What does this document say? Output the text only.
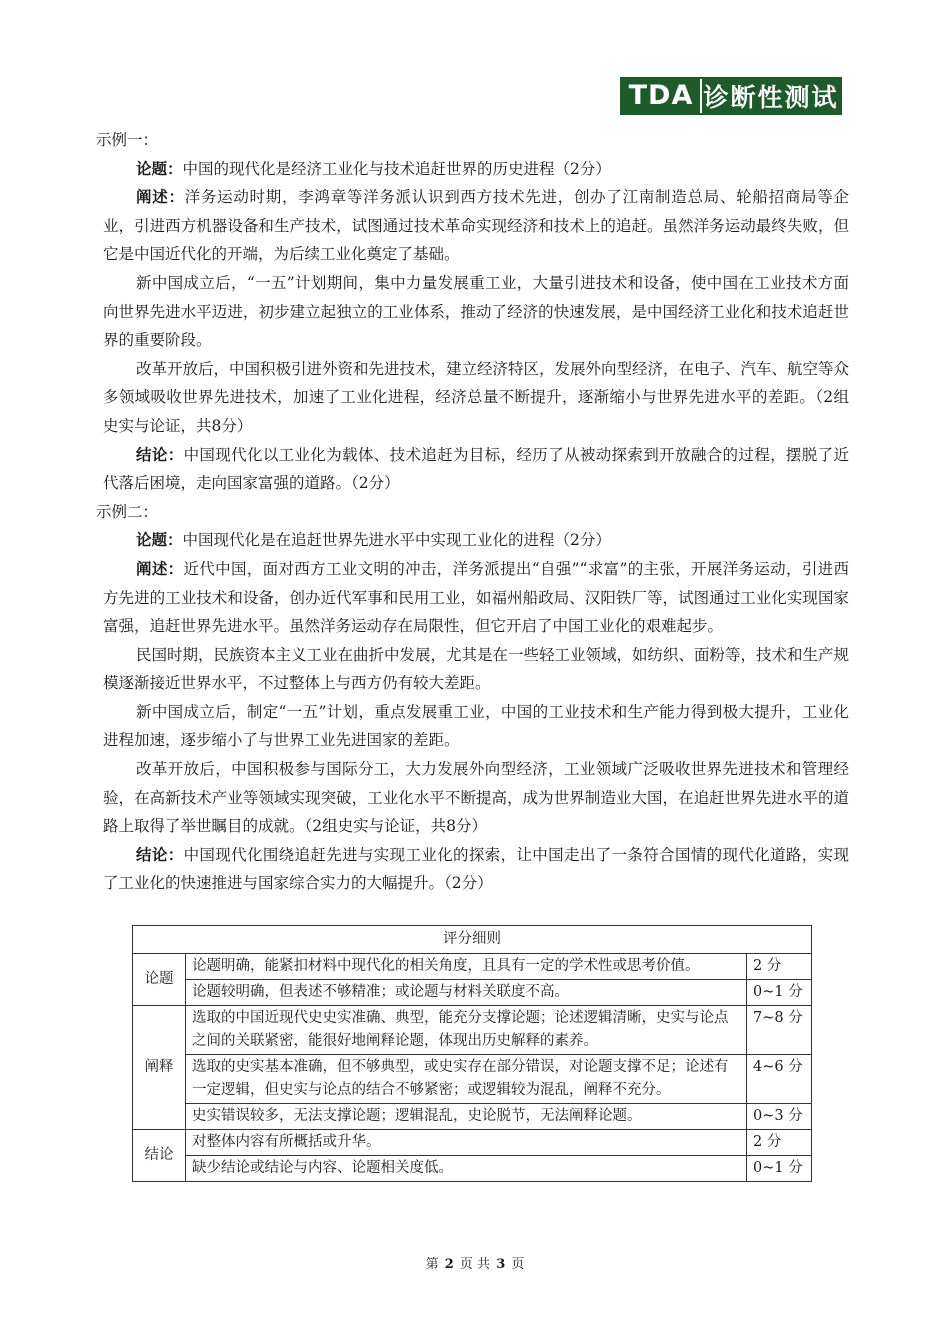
TDA 诊断性测试

示例一：

论题：中国的现代化是经济工业化与技术追赶世界的历史进程（2分）

阐述：洋务运动时期，李鸿章等洋务派认识到西方技术先进，创办了江南制造总局、轮船招商局等企业，引进西方机器设备和生产技术，试图通过技术革命实现经济和技术上的追赶。虽然洋务运动最终失败，但它是中国近代化的开端，为后续工业化奠定了基础。

新中国成立后，“一五”计划期间，集中力量发展重工业，大量引进技术和设备，使中国在工业技术方面向世界先进水平迈进，初步建立起独立的工业体系，推动了经济的快速发展，是中国经济工业化和技术追赶世界的重要阶段。

改革开放后，中国积极引进外资和先进技术，建立经济特区，发展外向型经济，在电子、汽车、航空等众多领域吸收世界先进技术，加速了工业化进程，经济总量不断提升，逐渐缩小与世界先进水平的差距。（2组史实与论证，共8分）

结论：中国现代化以工业化为载体、技术追赶为目标，经历了从被动探索到开放融合的过程，摆脱了近代落后困境，走向国家富强的道路。（2分）

示例二：

论题：中国现代化是在追赶世界先进水平中实现工业化的进程（2分）

阐述：近代中国，面对西方工业文明的冲击，洋务派提出“自强”“求富”的主张，开展洋务运动，引进西方先进的工业技术和设备，创办近代军事和民用工业，如福州船政局、汉阳铁厂等，试图通过工业化实现国家富强，追赶世界先进水平。虽然洋务运动存在局限性，但它开启了中国工业化的艰难起步。

民国时期，民族资本主义工业在曲折中发展，尤其是在一些轻工业领域，如纺织、面粉等，技术和生产规模逐渐接近世界水平，不过整体上与西方仍有较大差距。

新中国成立后，制定“一五”计划，重点发展重工业，中国的工业技术和生产能力得到极大提升，工业化进程加速，逐步缩小了与世界工业先进国家的差距。

改革开放后，中国积极参与国际分工，大力发展外向型经济，工业领域广泛吸收世界先进技术和管理经验，在高新技术产业等领域实现突破，工业化水平不断提高，成为世界制造业大国，在追赶世界先进水平的道路上取得了举世瞩目的成就。（2组史实与论证，共8分）

结论：中国现代化围绕追赶先进与实现工业化的探索，让中国走出了一条符合国情的现代化道路，实现了工业化的快速推进与国家综合实力的大幅提升。（2分）

评分细则		
论题	论题明确，能紧扣材料中现代化的相关角度，且具有一定的学术性或思考价值。	2 分
	论题较明确，但表述不够精准；或论题与材料关联度不高。	0~1 分
阐释	选取的中国近现代史史实准确、典型，能充分支撑论题；论述逻辑清晰，史实与论点之间的关联紧密，能很好地阐释论题，体现出历史解释的素养。	7~8 分
	选取的史实基本准确，但不够典型，或史实存在部分错误，对论题支撑不足；论述有一定逻辑，但史实与论点的结合不够紧密；或逻辑较为混乱，阐释不充分。	4~6 分
	史实错误较多，无法支撑论题；逻辑混乱，史论脱节，无法阐释论题。	0~3 分
结论	对整体内容有所概括或升华。	2 分
	缺少结论或结论与内容、论题相关度低。	0~1 分
第 2 页 共 3 页
